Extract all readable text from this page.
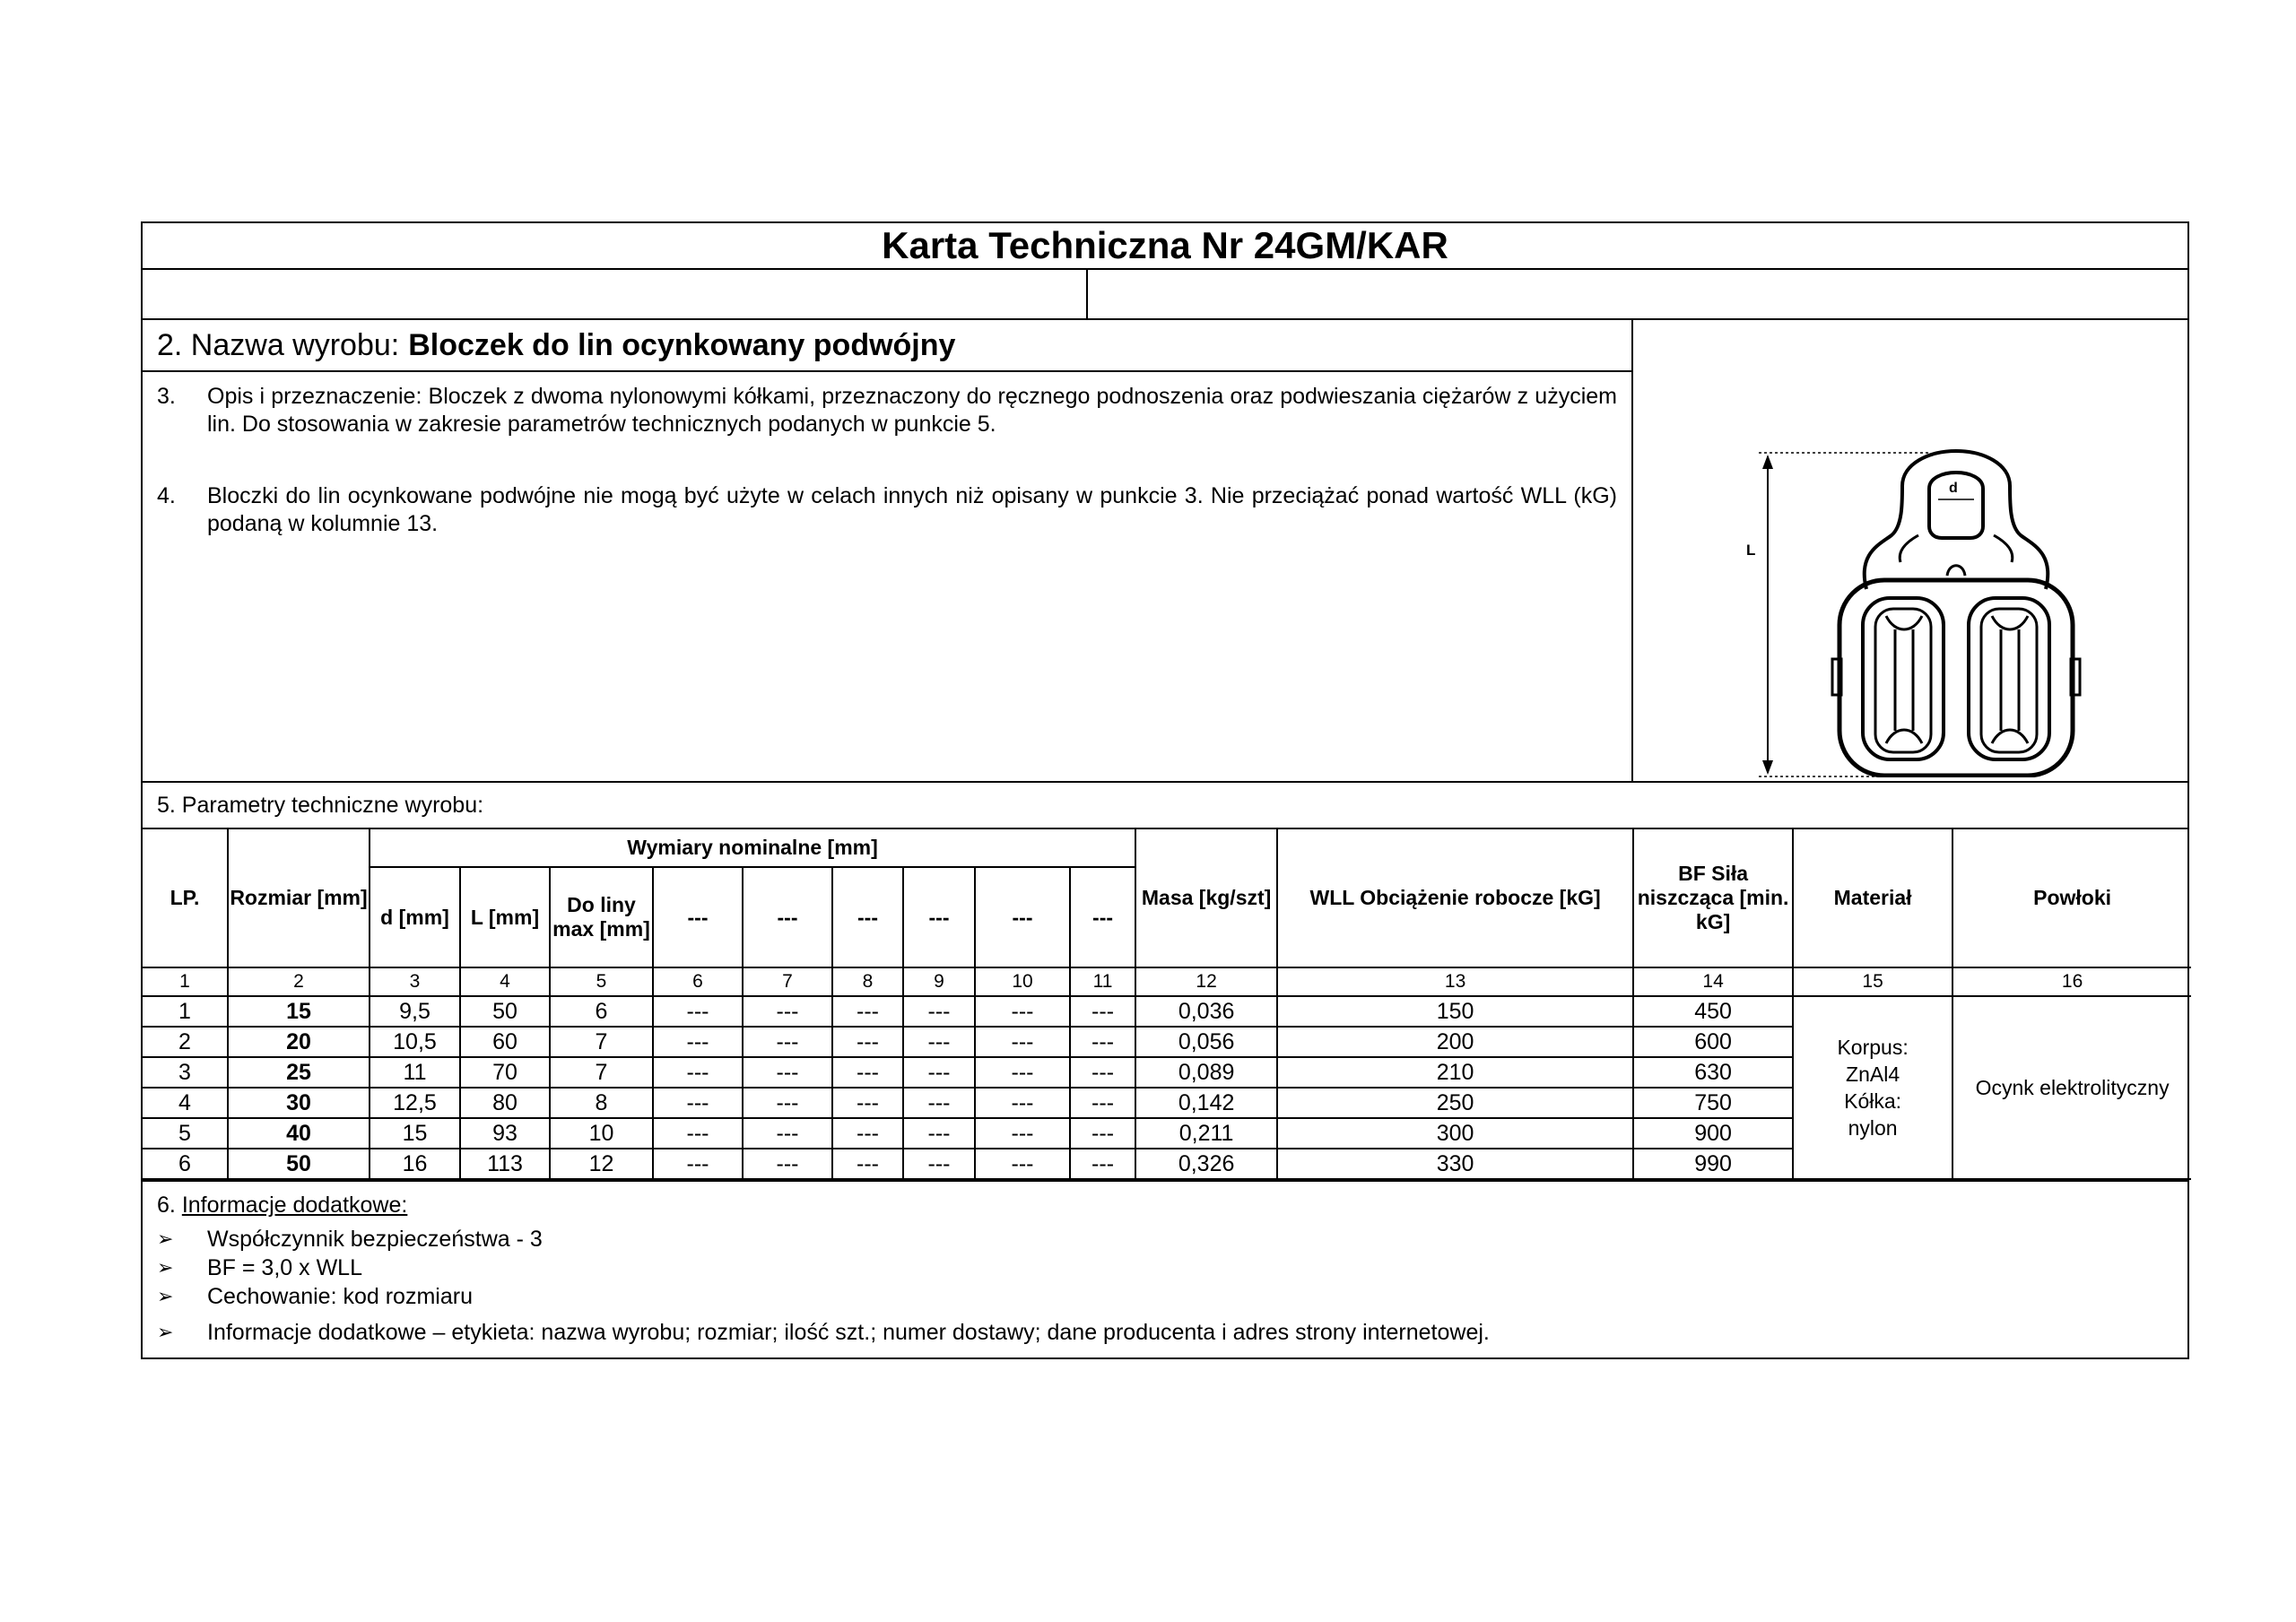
Karta Techniczna Nr 24GM/KAR
2. Nazwa wyrobu: Bloczek do lin ocynkowany podwójny
3.	Opis i przeznaczenie: Bloczek z dwoma nylonowymi kółkami, przeznaczony do ręcznego podnoszenia oraz podwieszania ciężarów z użyciem lin. Do stosowania w zakresie parametrów technicznych podanych w punkcie 5.
4.	Bloczki do lin ocynkowane podwójne nie mogą być użyte w celach innych niż opisany w punkcie 3. Nie przeciążać ponad wartość WLL (kG) podaną w kolumnie 13.
d
L
5. Parametry techniczne wyrobu:
LP.	Rozmiar [mm]	Wymiary nominalne [mm]									Masa [kg/szt]	WLL Obciążenie robocze [kG]	BF Siła niszcząca [min. kG]	Materiał	Powłoki
		d [mm]	L [mm]	Do liny max [mm]	---	---	---	---	---	---					
1	2	3	4	5	6	7	8	9	10	11	12	13	14	15	16
1	15	9,5	50	6	---	---	---	---	---	---	0,036	150	450	Korpus:
ZnAl4
Kółka:
nylon	Ocynk elektrolityczny
2	20	10,5	60	7	---	---	---	---	---	---	0,056	200	600		
3	25	11	70	7	---	---	---	---	---	---	0,089	210	630		
4	30	12,5	80	8	---	---	---	---	---	---	0,142	250	750		
5	40	15	93	10	---	---	---	---	---	---	0,211	300	900		
6	50	16	113	12	---	---	---	---	---	---	0,326	330	990		
6. Informacje dodatkowe:
➢	Współczynnik bezpieczeństwa - 3
➢	BF = 3,0 x WLL
➢	Cechowanie: kod rozmiaru
➢	Informacje dodatkowe – etykieta: nazwa wyrobu; rozmiar; ilość szt.; numer dostawy; dane producenta i adres strony internetowej.
